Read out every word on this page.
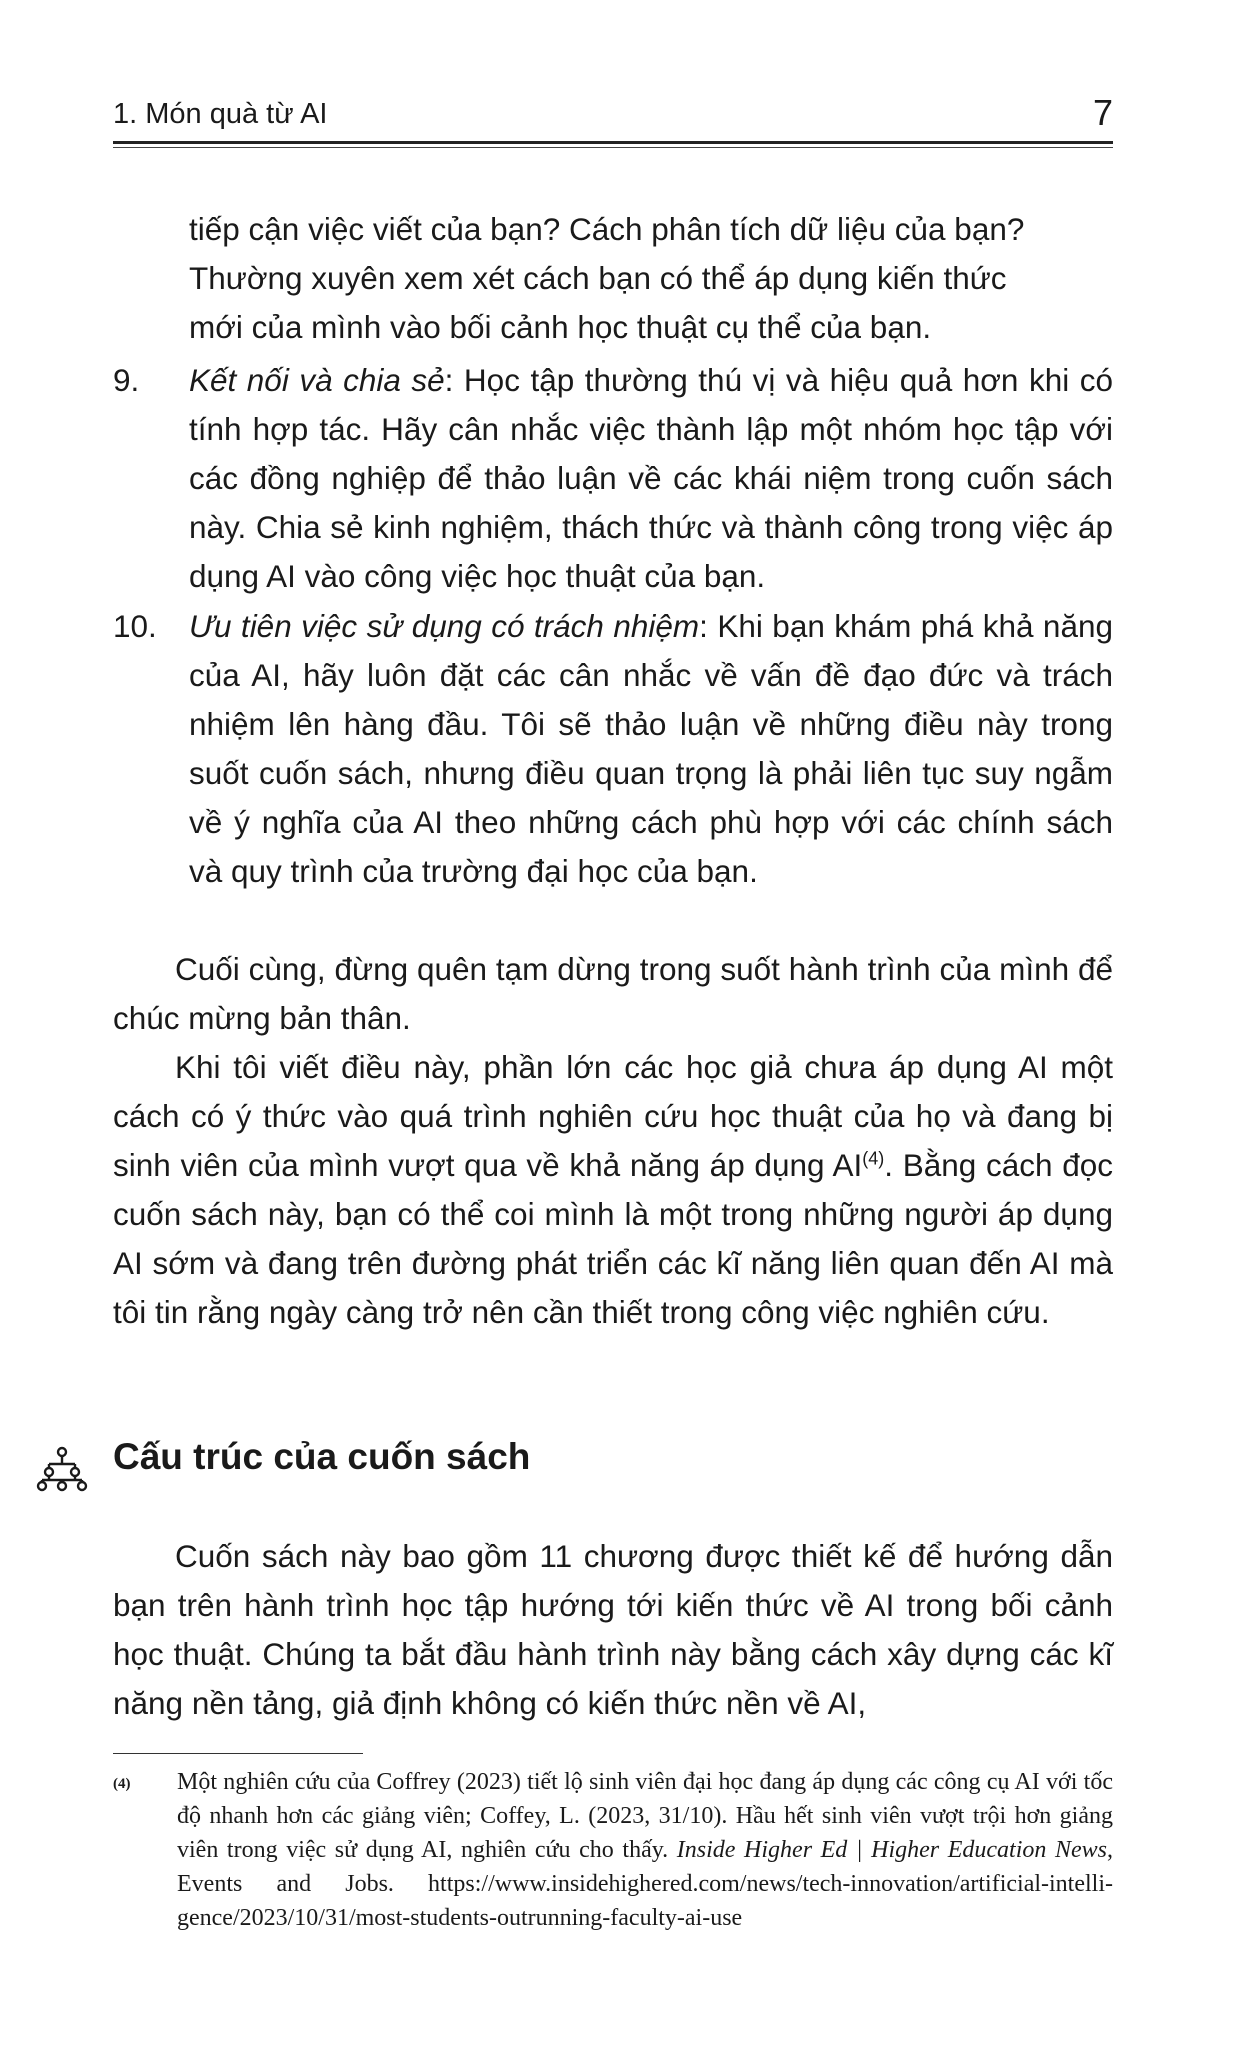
1. Món quà từ AI	7
tiếp cận việc viết của bạn? Cách phân tích dữ liệu của bạn?
Thường xuyên xem xét cách bạn có thể áp dụng kiến thức
mới của mình vào bối cảnh học thuật cụ thể của bạn.
9. Kết nối và chia sẻ: Học tập thường thú vị và hiệu quả hơn khi có tính hợp tác. Hãy cân nhắc việc thành lập một nhóm học tập với các đồng nghiệp để thảo luận về các khái niệm trong cuốn sách này. Chia sẻ kinh nghiệm, thách thức và thành công trong việc áp dụng AI vào công việc học thuật của bạn.
10. Ưu tiên việc sử dụng có trách nhiệm: Khi bạn khám phá khả năng của AI, hãy luôn đặt các cân nhắc về vấn đề đạo đức và trách nhiệm lên hàng đầu. Tôi sẽ thảo luận về những điều này trong suốt cuốn sách, nhưng điều quan trọng là phải liên tục suy ngẫm về ý nghĩa của AI theo những cách phù hợp với các chính sách và quy trình của trường đại học của bạn.
Cuối cùng, đừng quên tạm dừng trong suốt hành trình của mình để chúc mừng bản thân.
Khi tôi viết điều này, phần lớn các học giả chưa áp dụng AI một cách có ý thức vào quá trình nghiên cứu học thuật của họ và đang bị sinh viên của mình vượt qua về khả năng áp dụng AI$^{(4)}$. Bằng cách đọc cuốn sách này, bạn có thể coi mình là một trong những người áp dụng AI sớm và đang trên đường phát triển các kĩ năng liên quan đến AI mà tôi tin rằng ngày càng trở nên cần thiết trong công việc nghiên cứu.
Cấu trúc của cuốn sách
Cuốn sách này bao gồm 11 chương được thiết kế để hướng dẫn bạn trên hành trình học tập hướng tới kiến thức về AI trong bối cảnh học thuật. Chúng ta bắt đầu hành trình này bằng cách xây dựng các kĩ năng nền tảng, giả định không có kiến thức nền về AI,
(4) Một nghiên cứu của Coffrey (2023) tiết lộ sinh viên đại học đang áp dụng các công cụ AI với tốc độ nhanh hơn các giảng viên; Coffey, L. (2023, 31/10). Hầu hết sinh viên vượt trội hơn giảng viên trong việc sử dụng AI, nghiên cứu cho thấy. Inside Higher Ed | Higher Education News, Events and Jobs. https://www.insidehighered.com/news/tech-innovation/artificial-intelli-gence/2023/10/31/most-students-outrunning-faculty-ai-use
